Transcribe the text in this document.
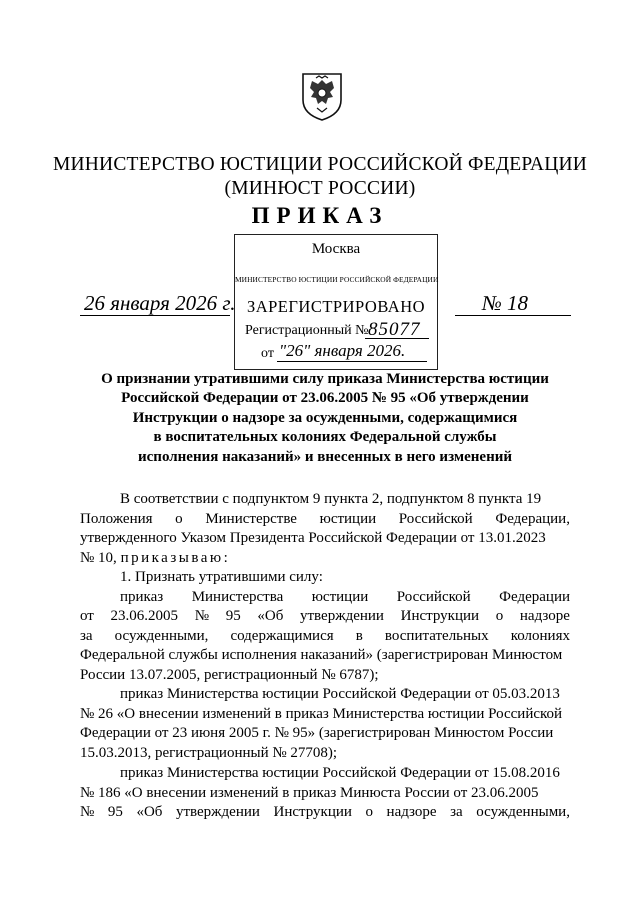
МИНИСТЕРСТВО ЮСТИЦИИ РОССИЙСКОЙ ФЕДЕРАЦИИ
(МИНЮСТ РОССИИ)
ПРИКАЗ
Москва
МИНИСТЕРСТВО ЮСТИЦИИ РОССИЙСКОЙ ФЕДЕРАЦИИ
ЗАРЕГИСТРИРОВАНО
Регистрационный № 85077
от "26" января 2026.
26 января 2026 г.	№ 18
О признании утратившими силу приказа Министерства юстиции
Российской Федерации от 23.06.2005 № 95 «Об утверждении
Инструкции о надзоре за осужденными, содержащимися
в воспитательных колониях Федеральной службы
исполнения наказаний» и внесенных в него изменений
В соответствии с подпунктом 9 пункта 2, подпунктом 8 пункта 19
Положения о Министерстве юстиции Российской Федерации,
утвержденного Указом Президента Российской Федерации от 13.01.2023
№ 10,
приказываю:
1. Признать утратившими силу:
приказ Министерства юстиции Российской Федерации
от 23.06.2005 № 95 «Об утверждении Инструкции о надзоре
за осужденными, содержащимися в воспитательных колониях
Федеральной службы исполнения наказаний» (зарегистрирован Минюстом
России 13.07.2005, регистрационный № 6787);
приказ Министерства юстиции Российской Федерации от 05.03.2013
№ 26 «О внесении изменений в приказ Министерства юстиции Российской
Федерации от 23 июня 2005 г. № 95» (зарегистрирован Минюстом России
15.03.2013, регистрационный № 27708);
приказ Министерства юстиции Российской Федерации от 15.08.2016
№ 186 «О внесении изменений в приказ Минюста России от 23.06.2005
№ 95 «Об утверждении Инструкции о надзоре за осужденными,
